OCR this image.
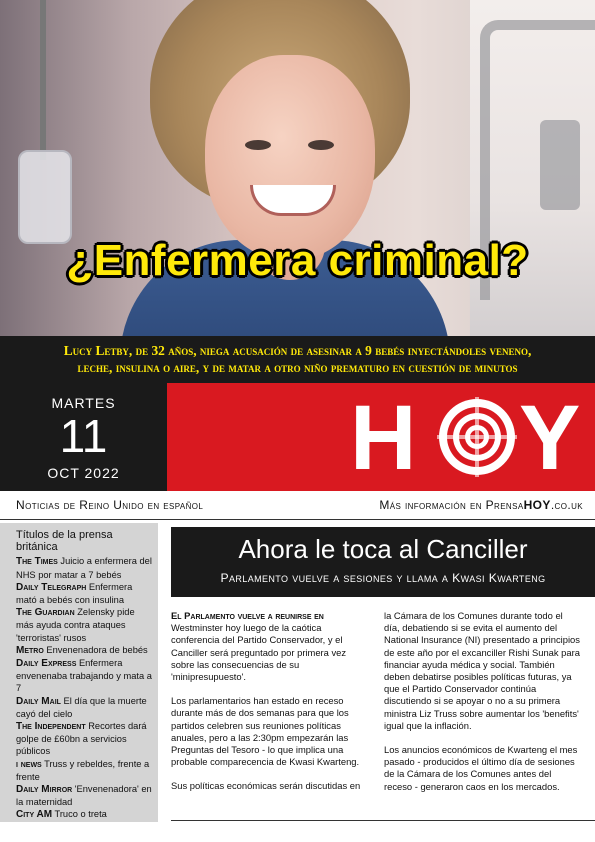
¿Enfermera criminal?
Lucy Letby, de 32 años, niega acusación de asesinar a 9 bebés inyectándoles veneno,
leche, insulina o aire, y de matar a otro niño prematuro en cuestión de minutos
MARTES
11
OCT 2022	H Y
Noticias de Reino Unido en español	Más información en PrensaHOY.co.uk
Títulos de la prensa británica
The Times Juicio a enfermera del NHS por matar a 7 bebés
Daily Telegraph Enfermera mató a bebés con insulina
The Guardian Zelensky pide más ayuda contra ataques 'terroristas' rusos
Metro Envenenadora de bebés
Daily Express Enfermera envenenaba trabajando y mata a 7
Daily Mail El día que la muerte cayó del cielo
The Independent Recortes dará golpe de £60bn a servicios públicos
i news Truss y rebeldes, frente a frente
Daily Mirror 'Envenenadora' en la maternidad
City AM Truco o treta
Ahora le toca al Canciller
Parlamento vuelve a sesiones y llama a Kwasi Kwarteng

El Parlamento vuelve a reunirse en Westminster hoy luego de la caótica conferencia del Partido Conservador, y el Canciller será preguntado por primera vez sobre las consecuencias de su 'minipresupuesto'.

Los parlamentarios han estado en receso durante más de dos semanas para que los partidos celebren sus reuniones políticas anuales, pero a las 2:30pm empezarán las Preguntas del Tesoro - lo que implica una probable comparecencia de Kwasi Kwarteng.

Sus políticas económicas serán discutidas en

la Cámara de los Comunes durante todo el día, debatiendo si se evita el aumento del National Insurance (NI) presentado a principios de este año por el excanciller Rishi Sunak para financiar ayuda médica y social. También deben debatirse posibles políticas futuras, ya que el Partido Conservador continúa discutiendo si se apoyar o no a su primera ministra Liz Truss sobre aumentar los 'benefits' igual que la inflación.

Los anuncios económicos de Kwarteng el mes pasado - producidos el último día de sesiones de la Cámara de los Comunes antes del receso - generaron caos en los mercados.
